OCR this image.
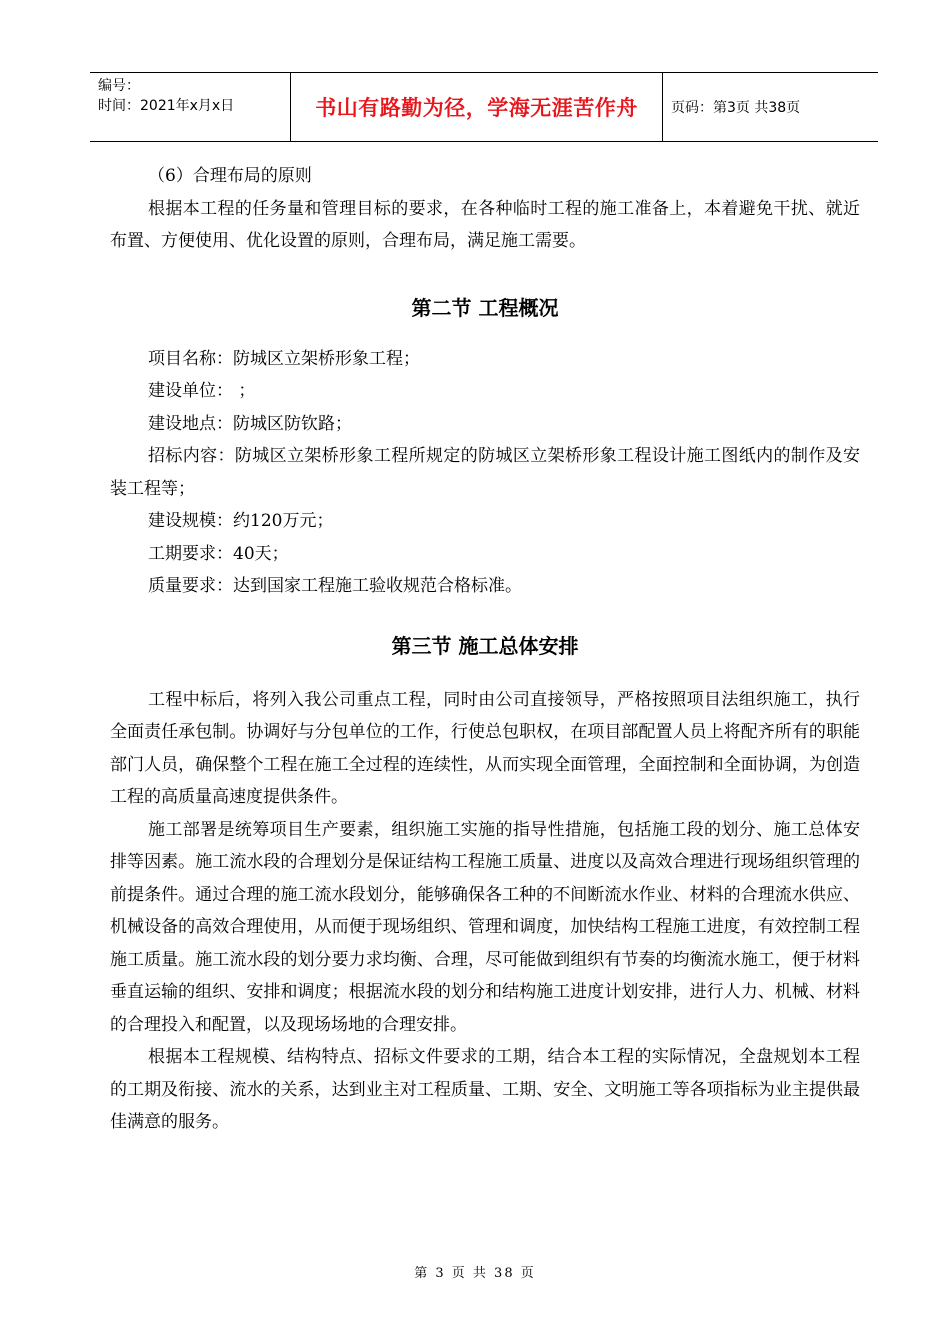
编号：
时间：2021年x月x日	书山有路勤为径，学海无涯苦作舟	页码：第3页 共38页

（6）合理布局的原则

根据本工程的任务量和管理目标的要求，在各种临时工程的施工准备上，本着避免干扰、就近布置、方便使用、优化设置的原则，合理布局，满足施工需要。

第二节 工程概况

项目名称：防城区立架桥形象工程；

建设单位： ；

建设地点：防城区防钦路；

招标内容：防城区立架桥形象工程所规定的防城区立架桥形象工程设计施工图纸内的制作及安装工程等；

建设规模：约120万元；

工期要求：40天；

质量要求：达到国家工程施工验收规范合格标准。

第三节 施工总体安排

工程中标后，将列入我公司重点工程，同时由公司直接领导，严格按照项目法组织施工，执行全面责任承包制。协调好与分包单位的工作，行使总包职权，在项目部配置人员上将配齐所有的职能部门人员，确保整个工程在施工全过程的连续性，从而实现全面管理，全面控制和全面协调，为创造工程的高质量高速度提供条件。

施工部署是统筹项目生产要素，组织施工实施的指导性措施，包括施工段的划分、施工总体安排等因素。施工流水段的合理划分是保证结构工程施工质量、进度以及高效合理进行现场组织管理的前提条件。通过合理的施工流水段划分，能够确保各工种的不间断流水作业、材料的合理流水供应、机械设备的高效合理使用，从而便于现场组织、管理和调度，加快结构工程施工进度，有效控制工程施工质量。施工流水段的划分要力求均衡、合理，尽可能做到组织有节奏的均衡流水施工，便于材料垂直运输的组织、安排和调度；根据流水段的划分和结构施工进度计划安排，进行人力、机械、材料的合理投入和配置，以及现场场地的合理安排。

根据本工程规模、结构特点、招标文件要求的工期，结合本工程的实际情况，全盘规划本工程的工期及衔接、流水的关系，达到业主对工程质量、工期、安全、文明施工等各项指标为业主提供最佳满意的服务。

第 3 页 共 38 页
